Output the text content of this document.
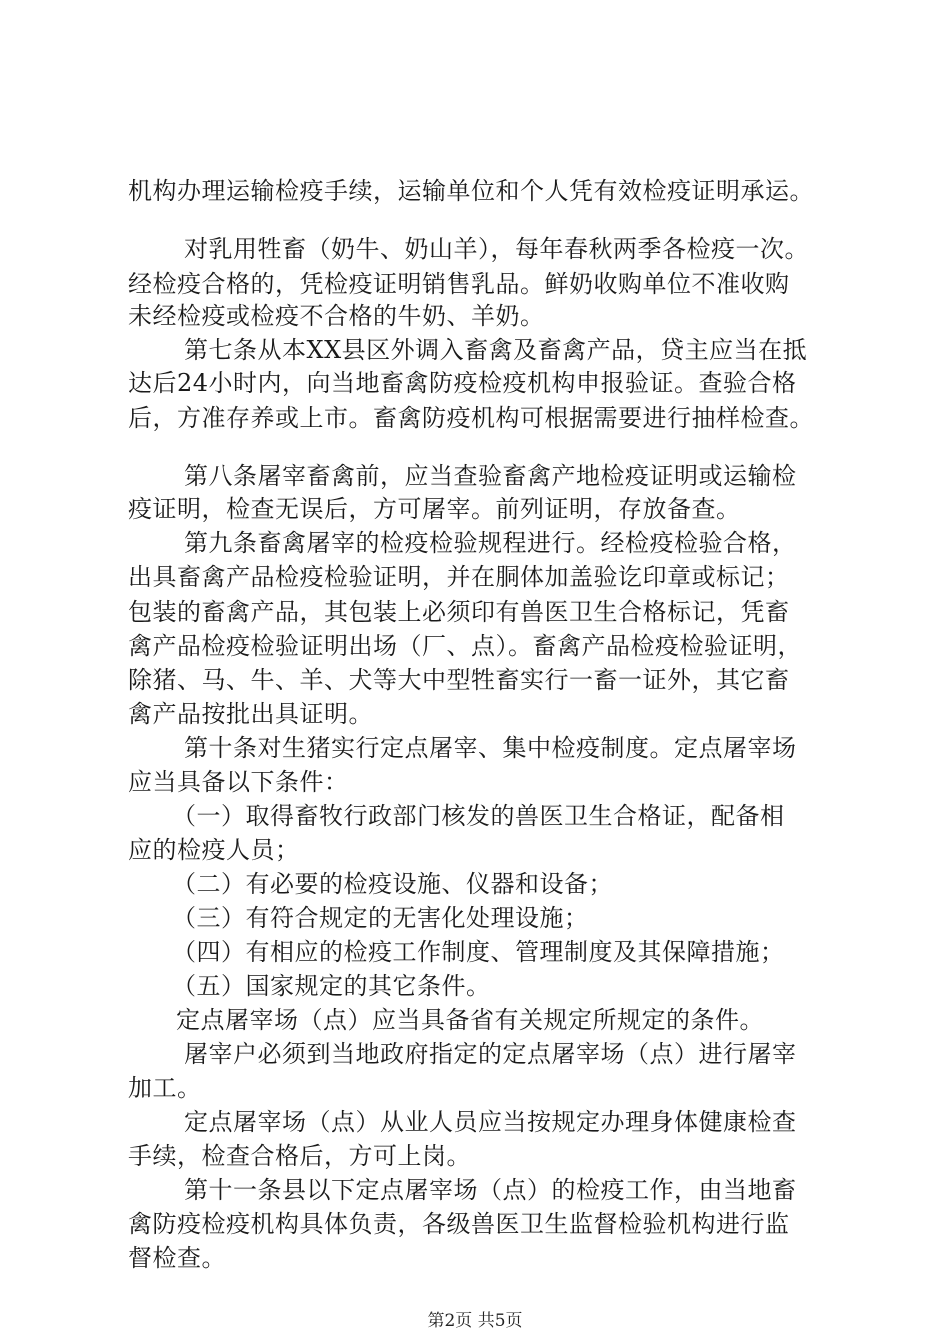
机构办理运输检疫手续，运输单位和个人凭有效检疫证明承运。
对乳用牲畜（奶牛、奶山羊），每年春秋两季各检疫一次。
经检疫合格的，凭检疫证明销售乳品。鲜奶收购单位不准收购
未经检疫或检疫不合格的牛奶、羊奶。
第七条从本XX县区外调入畜禽及畜禽产品，贷主应当在抵
达后24小时内，向当地畜禽防疫检疫机构申报验证。查验合格
后，方准存养或上市。畜禽防疫机构可根据需要进行抽样检查。
第八条屠宰畜禽前，应当查验畜禽产地检疫证明或运输检
疫证明，检查无误后，方可屠宰。前列证明，存放备查。
第九条畜禽屠宰的检疫检验规程进行。经检疫检验合格，
出具畜禽产品检疫检验证明，并在胴体加盖验讫印章或标记；
包装的畜禽产品，其包装上必须印有兽医卫生合格标记，凭畜
禽产品检疫检验证明出场（厂、点）。畜禽产品检疫检验证明，
除猪、马、牛、羊、犬等大中型牲畜实行一畜一证外，其它畜
禽产品按批出具证明。
第十条对生猪实行定点屠宰、集中检疫制度。定点屠宰场
应当具备以下条件：
（一）取得畜牧行政部门核发的兽医卫生合格证，配备相
应的检疫人员；
（二）有必要的检疫设施、仪器和设备；
（三）有符合规定的无害化处理设施；
（四）有相应的检疫工作制度、管理制度及其保障措施；
（五）国家规定的其它条件。
定点屠宰场（点）应当具备省有关规定所规定的条件。
屠宰户必须到当地政府指定的定点屠宰场（点）进行屠宰
加工。
定点屠宰场（点）从业人员应当按规定办理身体健康检查
手续，检查合格后，方可上岗。
第十一条县以下定点屠宰场（点）的检疫工作，由当地畜
禽防疫检疫机构具体负责，各级兽医卫生监督检验机构进行监
督检查。
第2页 共5页
